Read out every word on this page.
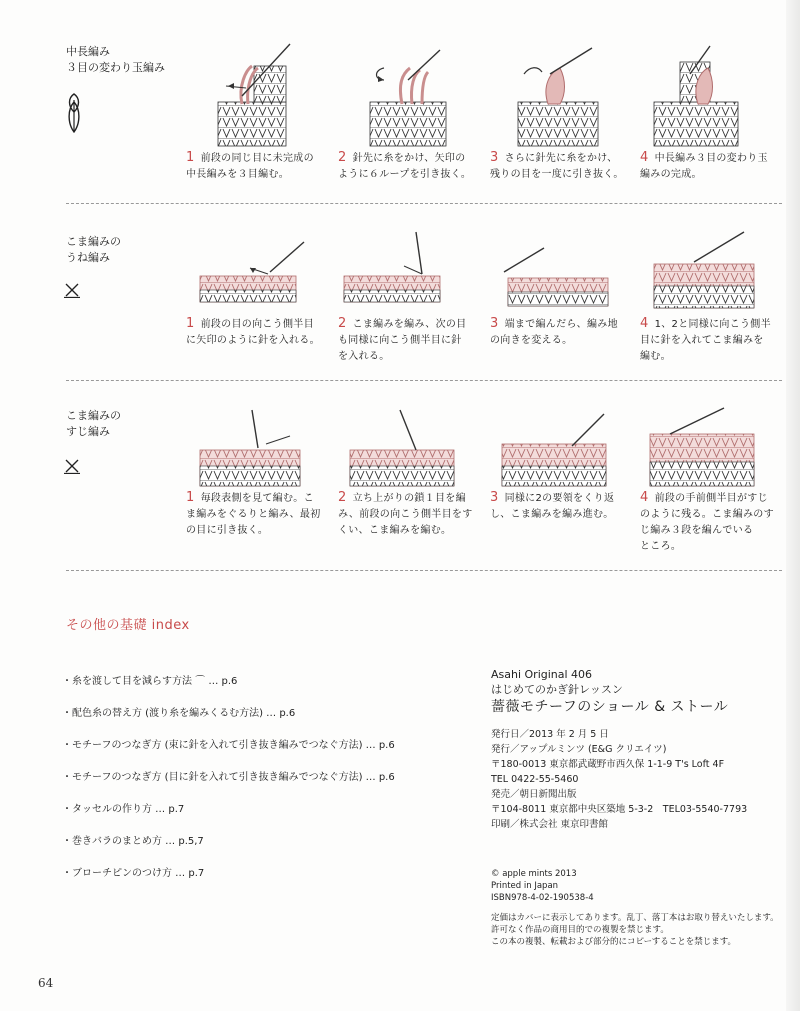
中長編み
３目の変わり玉編み
1 前段の同じ目に未完成の
中長編みを３目編む。
2 針先に糸をかけ、矢印の
ように６ループを引き抜く。
3 さらに針先に糸をかけ、
残りの目を一度に引き抜く。
4 中長編み３目の変わり玉
編みの完成。
こま編みの
うね編み
1 前段の目の向こう側半目
に矢印のように針を入れる。
2 こま編みを編み、次の目
も同様に向こう側半目に針
を入れる。
3 端まで編んだら、編み地
の向きを変える。
4 1、2と同様に向こう側半
目に針を入れてこま編みを
編む。
こま編みの
すじ編み
1 毎段表側を見て編む。こ
ま編みをぐるりと編み、最初
の目に引き抜く。
2 立ち上がりの鎖１目を編
み、前段の向こう側半目をす
くい、こま編みを編む。
3 同様に2の要領をくり返
し、こま編みを編み進む。
4 前段の手前側半目がすじ
のように残る。こま編みのす
じ編み３段を編んでいる
ところ。
その他の基礎 index
・糸を渡して目を減らす方法 ⌒ … p.6
・配色糸の替え方 (渡り糸を編みくるむ方法) … p.6
・モチーフのつなぎ方 (束に針を入れて引き抜き編みでつなぐ方法) … p.6
・モチーフのつなぎ方 (目に針を入れて引き抜き編みでつなぐ方法) … p.6
・タッセルの作り方 … p.7
・巻きバラのまとめ方 … p.5,7
・ブローチピンのつけ方 … p.7
Asahi Original 406
はじめてのかぎ針レッスン
薔薇モチーフのショール & ストール
発行日／2013 年 2 月 5 日
発行／アップルミンツ (E&G クリエイツ)
〒180-0013 東京都武蔵野市西久保 1-1-9 T's Loft 4F
TEL 0422-55-5460
発売／朝日新聞出版
〒104-8011 東京都中央区築地 5-3-2　TEL03-5540-7793
印刷／株式会社 東京印書館
© apple mints 2013
Printed in Japan
ISBN978-4-02-190538-4
定価はカバーに表示してあります。乱丁、落丁本はお取り替えいたします。
許可なく作品の商用目的での複製を禁じます。
この本の複製、転載および部分的にコピーすることを禁じます。
64
